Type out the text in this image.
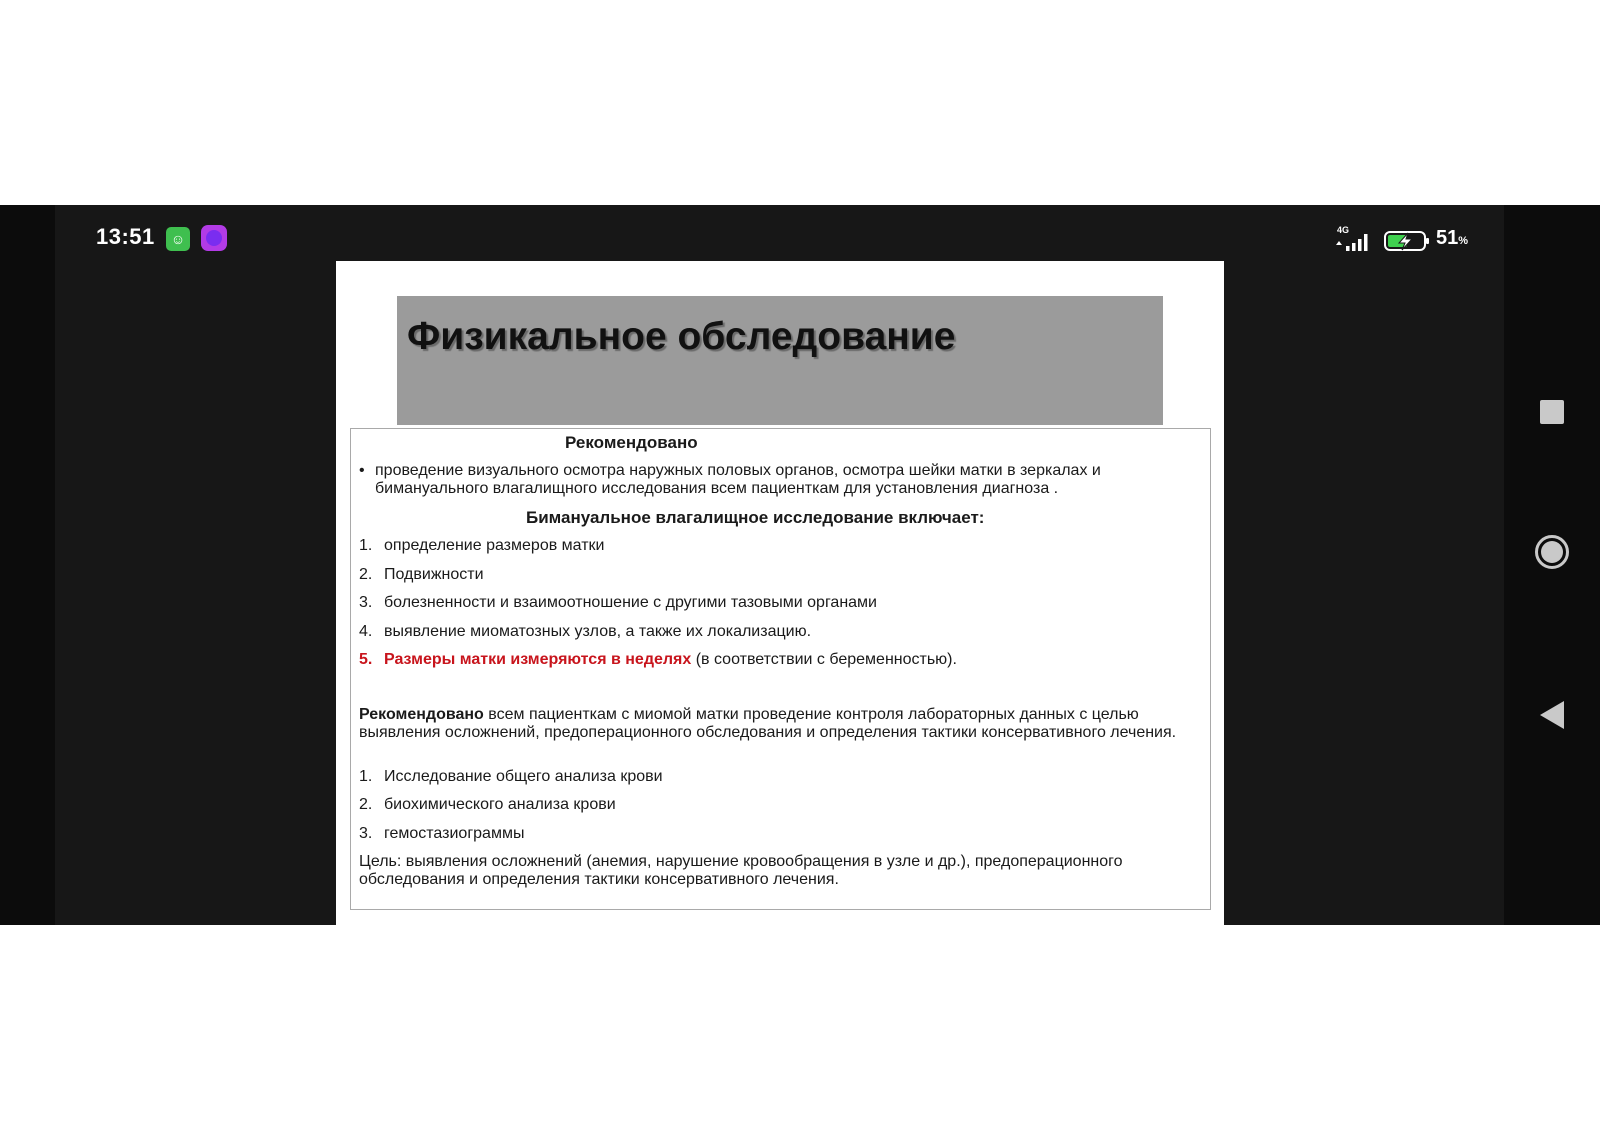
13:51	☺
4G	51%
Физикальное обследование
Рекомендовано
• проведение визуального осмотра наружных половых органов, осмотра шейки матки в зеркалах и бимануального влагалищного исследования всем пациенткам для установления диагноза .
Бимануальное влагалищное исследование включает:
1. определение размеров матки
2. Подвижности
3. болезненности и взаимоотношение с другими тазовыми органами
4. выявление миоматозных узлов, а также их локализацию.
5. Размеры матки измеряются в неделях (в соответствии с беременностью).
Рекомендовано всем пациенткам с миомой матки проведение контроля лабораторных данных с целью выявления осложнений, предоперационного обследования и определения тактики консервативного лечения.
1. Исследование общего анализа крови
2. биохимического анализа крови
3. гемостазиограммы
Цель: выявления осложнений (анемия, нарушение кровообращения в узле и др.), предоперационного обследования и определения тактики консервативного лечения.
